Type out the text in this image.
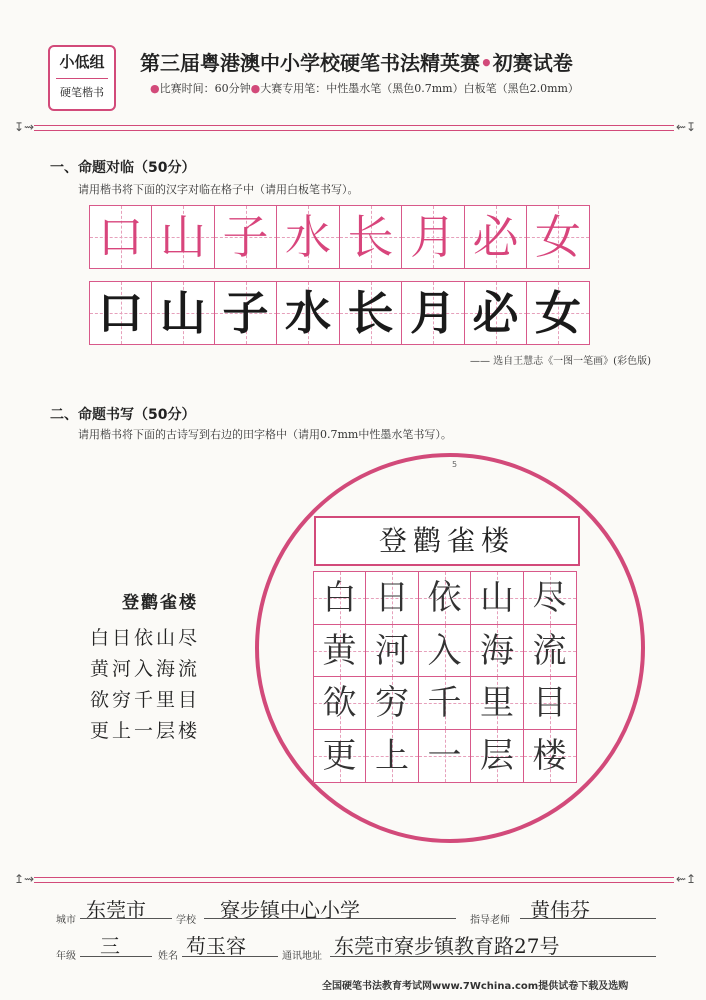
小低组
硬笔楷书
第三届粤港澳中小学校硬笔书法精英赛•初赛试卷
●比赛时间：60分钟●大赛专用笔：中性墨水笔（黑色0.7mm）白板笔（黑色2.0mm）
↧⇝	⇜↧
一、命题对临（50分）
请用楷书将下面的汉字对临在格子中（请用白板笔书写）。
口 山 子 水 长 月 必 女
口 山 子 水 长 月 必 女
—— 选自王慧志《一图一笔画》(彩色版)
二、命题书写（50分）
请用楷书将下面的古诗写到右边的田字格中（请用0.7mm中性墨水笔书写）。
5
登鹳雀楼
白 日 依 山 尽
黄 河 入 海 流
欲 穷 千 里 目
更 上 一 层 楼
登鹳雀楼
白日依山尽
黄河入海流
欲穷千里目
更上一层楼
↥⇝	⇜↥
城市 东莞市	学校 寮步镇中心小学	指导老师 黄伟芬
年级 三	姓名 苟玉容	通讯地址 东莞市寮步镇教育路27号
全国硬笔书法教育考试网www.7Wchina.com提供试卷下载及选购
